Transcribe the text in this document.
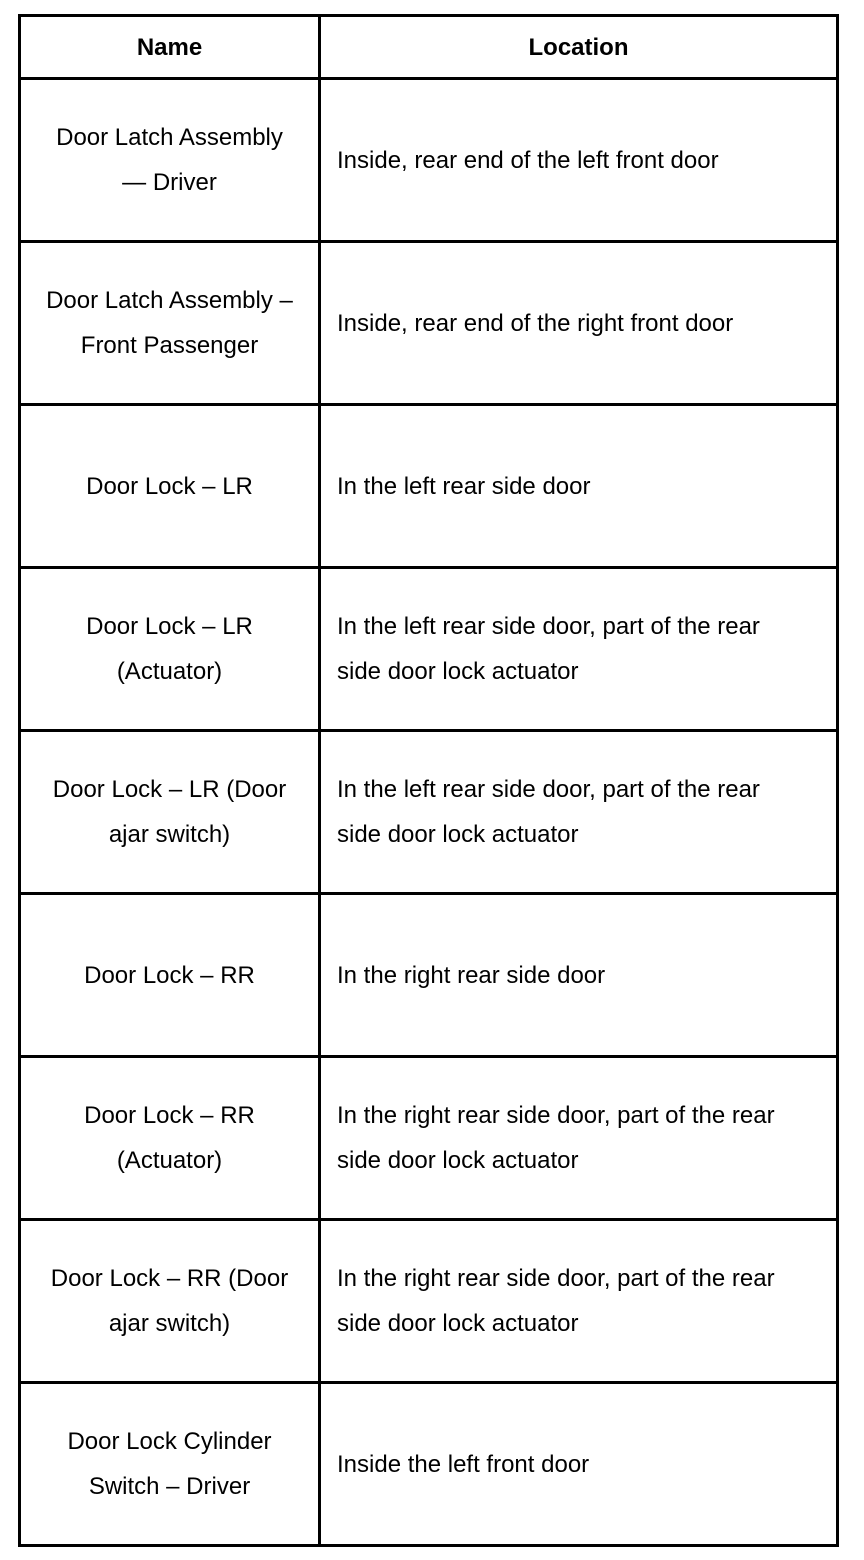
Name	Location
Door Latch Assembly — Driver	Inside, rear end of the left front door
Door Latch Assembly – Front Passenger	Inside, rear end of the right front door
Door Lock – LR	In the left rear side door
Door Lock – LR (Actuator)	In the left rear side door, part of the rear side door lock actuator
Door Lock – LR (Door ajar switch)	In the left rear side door, part of the rear side door lock actuator
Door Lock – RR	In the right rear side door
Door Lock – RR (Actuator)	In the right rear side door, part of the rear side door lock actuator
Door Lock – RR (Door ajar switch)	In the right rear side door, part of the rear side door lock actuator
Door Lock Cylinder Switch – Driver	Inside the left front door
